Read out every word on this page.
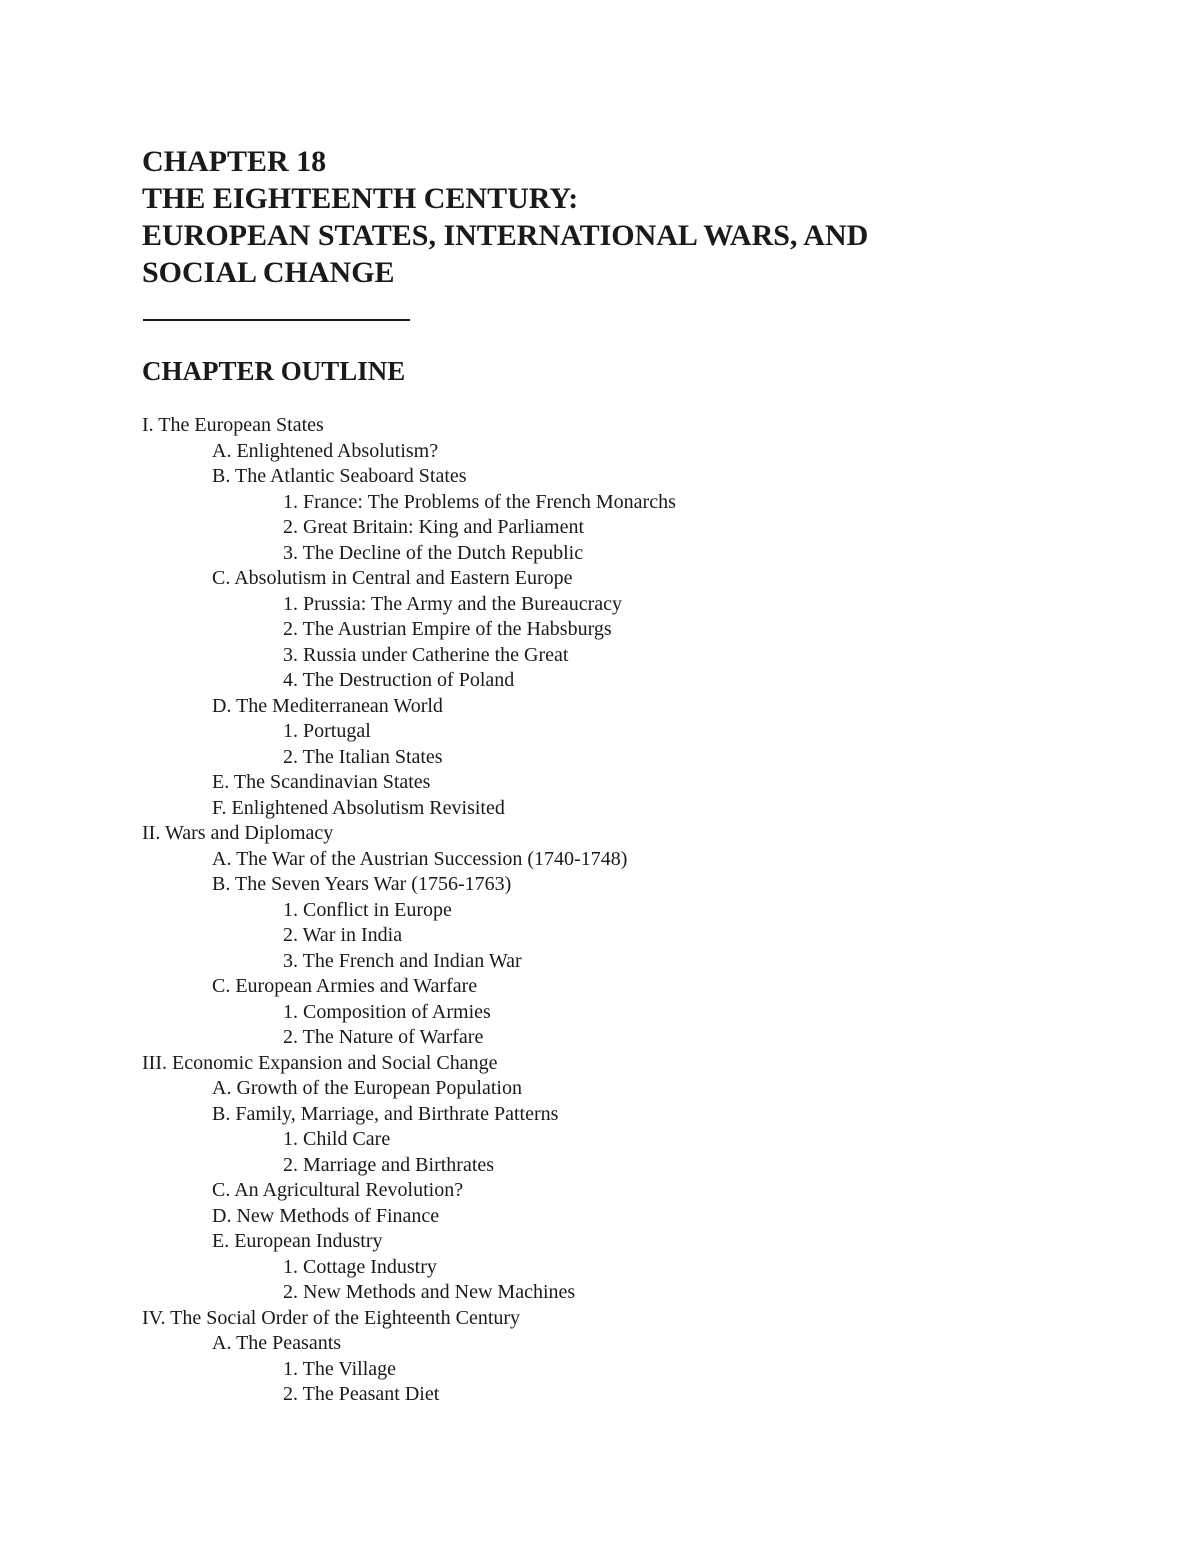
CHAPTER 18
THE EIGHTEENTH CENTURY:
EUROPEAN STATES, INTERNATIONAL WARS, AND
SOCIAL CHANGE
CHAPTER OUTLINE
I. The European States
A. Enlightened Absolutism?
B. The Atlantic Seaboard States
1. France: The Problems of the French Monarchs
2. Great Britain: King and Parliament
3. The Decline of the Dutch Republic
C. Absolutism in Central and Eastern Europe
1. Prussia: The Army and the Bureaucracy
2. The Austrian Empire of the Habsburgs
3. Russia under Catherine the Great
4. The Destruction of Poland
D. The Mediterranean World
1. Portugal
2. The Italian States
E. The Scandinavian States
F. Enlightened Absolutism Revisited
II. Wars and Diplomacy
A. The War of the Austrian Succession (1740-1748)
B. The Seven Years War (1756-1763)
1. Conflict in Europe
2. War in India
3. The French and Indian War
C. European Armies and Warfare
1. Composition of Armies
2. The Nature of Warfare
III. Economic Expansion and Social Change
A. Growth of the European Population
B. Family, Marriage, and Birthrate Patterns
1. Child Care
2. Marriage and Birthrates
C. An Agricultural Revolution?
D. New Methods of Finance
E. European Industry
1. Cottage Industry
2. New Methods and New Machines
IV. The Social Order of the Eighteenth Century
A. The Peasants
1. The Village
2. The Peasant Diet
